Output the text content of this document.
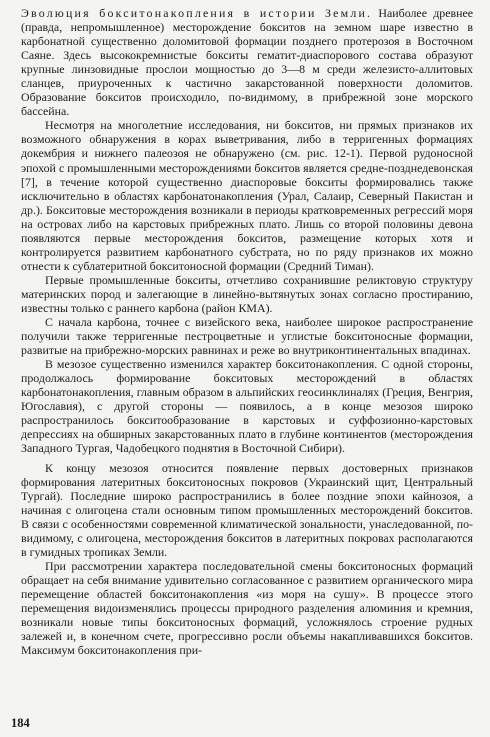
Эволюция бокситонакопления в истории Земли. Наиболее древнее (правда, непромышленное) месторождение бокситов на земном шаре известно в карбонатной существенно доломитовой формации позднего протерозоя в Восточном Саяне. Здесь высококремнистые бокситы гематит-диаспорового состава образуют крупные линзовидные прослои мощностью до 3—8 м среди железисто-аллитовых сланцев, приуроченных к частично закарстованной поверхности доломитов. Образование бокситов происходило, по-видимому, в прибрежной зоне морского бассейна.

Несмотря на многолетние исследования, ни бокситов, ни прямых признаков их возможного обнаружения в корах выветривания, либо в терригенных формациях докембрия и нижнего палеозоя не обнаружено (см. рис. 12-1). Первой рудоносной эпохой с промышленными месторождениями бокситов является средне-позднедевонская [7], в течение которой существенно диаспоровые бокситы формировались также исключительно в областях карбонатонакопления (Урал, Салаир, Северный Пакистан и др.). Бокситовые месторождения возникали в периоды кратковременных регрессий моря на островах либо на карстовых прибрежных плато. Лишь со второй половины девона появляются первые месторождения бокситов, размещение которых хотя и контролируется развитием карбонатного субстрата, но по ряду признаков их можно отнести к сублатеритной бокситоносной формации (Средний Тиман).

Первые промышленные бокситы, отчетливо сохранившие реликтовую структуру материнских пород и залегающие в линейно-вытянутых зонах согласно простиранию, известны только с раннего карбона (район КМА).

С начала карбона, точнее с визейского века, наиболее широкое распространение получили также терригенные пестроцветные и углистые бокситоносные формации, развитые на прибрежно-морских равнинах и реже во внутриконтинентальных впадинах.

В мезозое существенно изменился характер бокситонакопления. С одной стороны, продолжалось формирование бокситовых месторождений в областях карбонатонакопления, главным образом в альпийских геосинклиналях (Греция, Венгрия, Югославия), с другой стороны — появилось, а в конце мезозоя широко распространилось бокситообразование в карстовых и суффозионно-карстовых депрессиях на обширных закарстованных плато в глубине континентов (месторождения Западного Тургая, Чадобецкого поднятия в Восточной Сибири).

К концу мезозоя относится появление первых достоверных признаков формирования латеритных бокситоносных покровов (Украинский щит, Центральный Тургай). Последние широко распространились в более поздние эпохи кайнозоя, а начиная с олигоцена стали основным типом промышленных месторождений бокситов. В связи с особенностями современной климатической зональности, унаследованной, по-видимому, с олигоцена, месторождения бокситов в латеритных покровах располагаются в гумидных тропиках Земли.

При рассмотрении характера последовательной смены бокситоносных формаций обращает на себя внимание удивительно согласованное с развитием органического мира перемещение областей бокситонакопления «из моря на сушу». В процессе этого перемещения видоизменялись процессы природного разделения алюминия и кремния, возникали новые типы бокситоносных формаций, усложнялось строение рудных залежей и, в конечном счете, прогрессивно росли объемы накапливавшихся бокситов. Максимум бокситонакопления при-

184
